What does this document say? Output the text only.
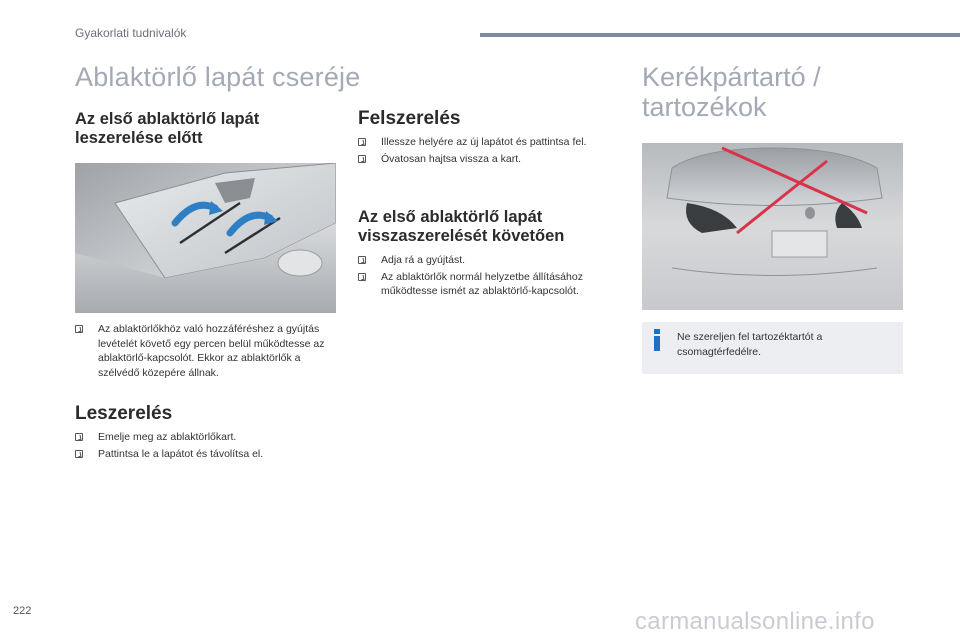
Gyakorlati tudnivalók
Ablaktörlő lapát cseréje	Kerékpártartó /
tartozékok
Az első ablaktörlő lapát
leszerelése előtt
Az ablaktörlőkhöz való hozzáféréshez a gyújtás levételét követő egy percen belül működtesse az ablaktörlő-kapcsolót. Ekkor az ablaktörlők a szélvédő közepére állnak.
Leszerelés
Emelje meg az ablaktörlőkart.
Pattintsa le a lapátot és távolítsa el.
Felszerelés
Illessze helyére az új lapátot és pattintsa fel.
Óvatosan hajtsa vissza a kart.
Az első ablaktörlő lapát
visszaszerelését követően
Adja rá a gyújtást.
Az ablaktörlők normál helyzetbe állításához működtesse ismét az ablaktörlő-kapcsolót.
Ne szereljen fel tartozéktartót a csomagtérfedélre.
222	carmanualsonline.info
